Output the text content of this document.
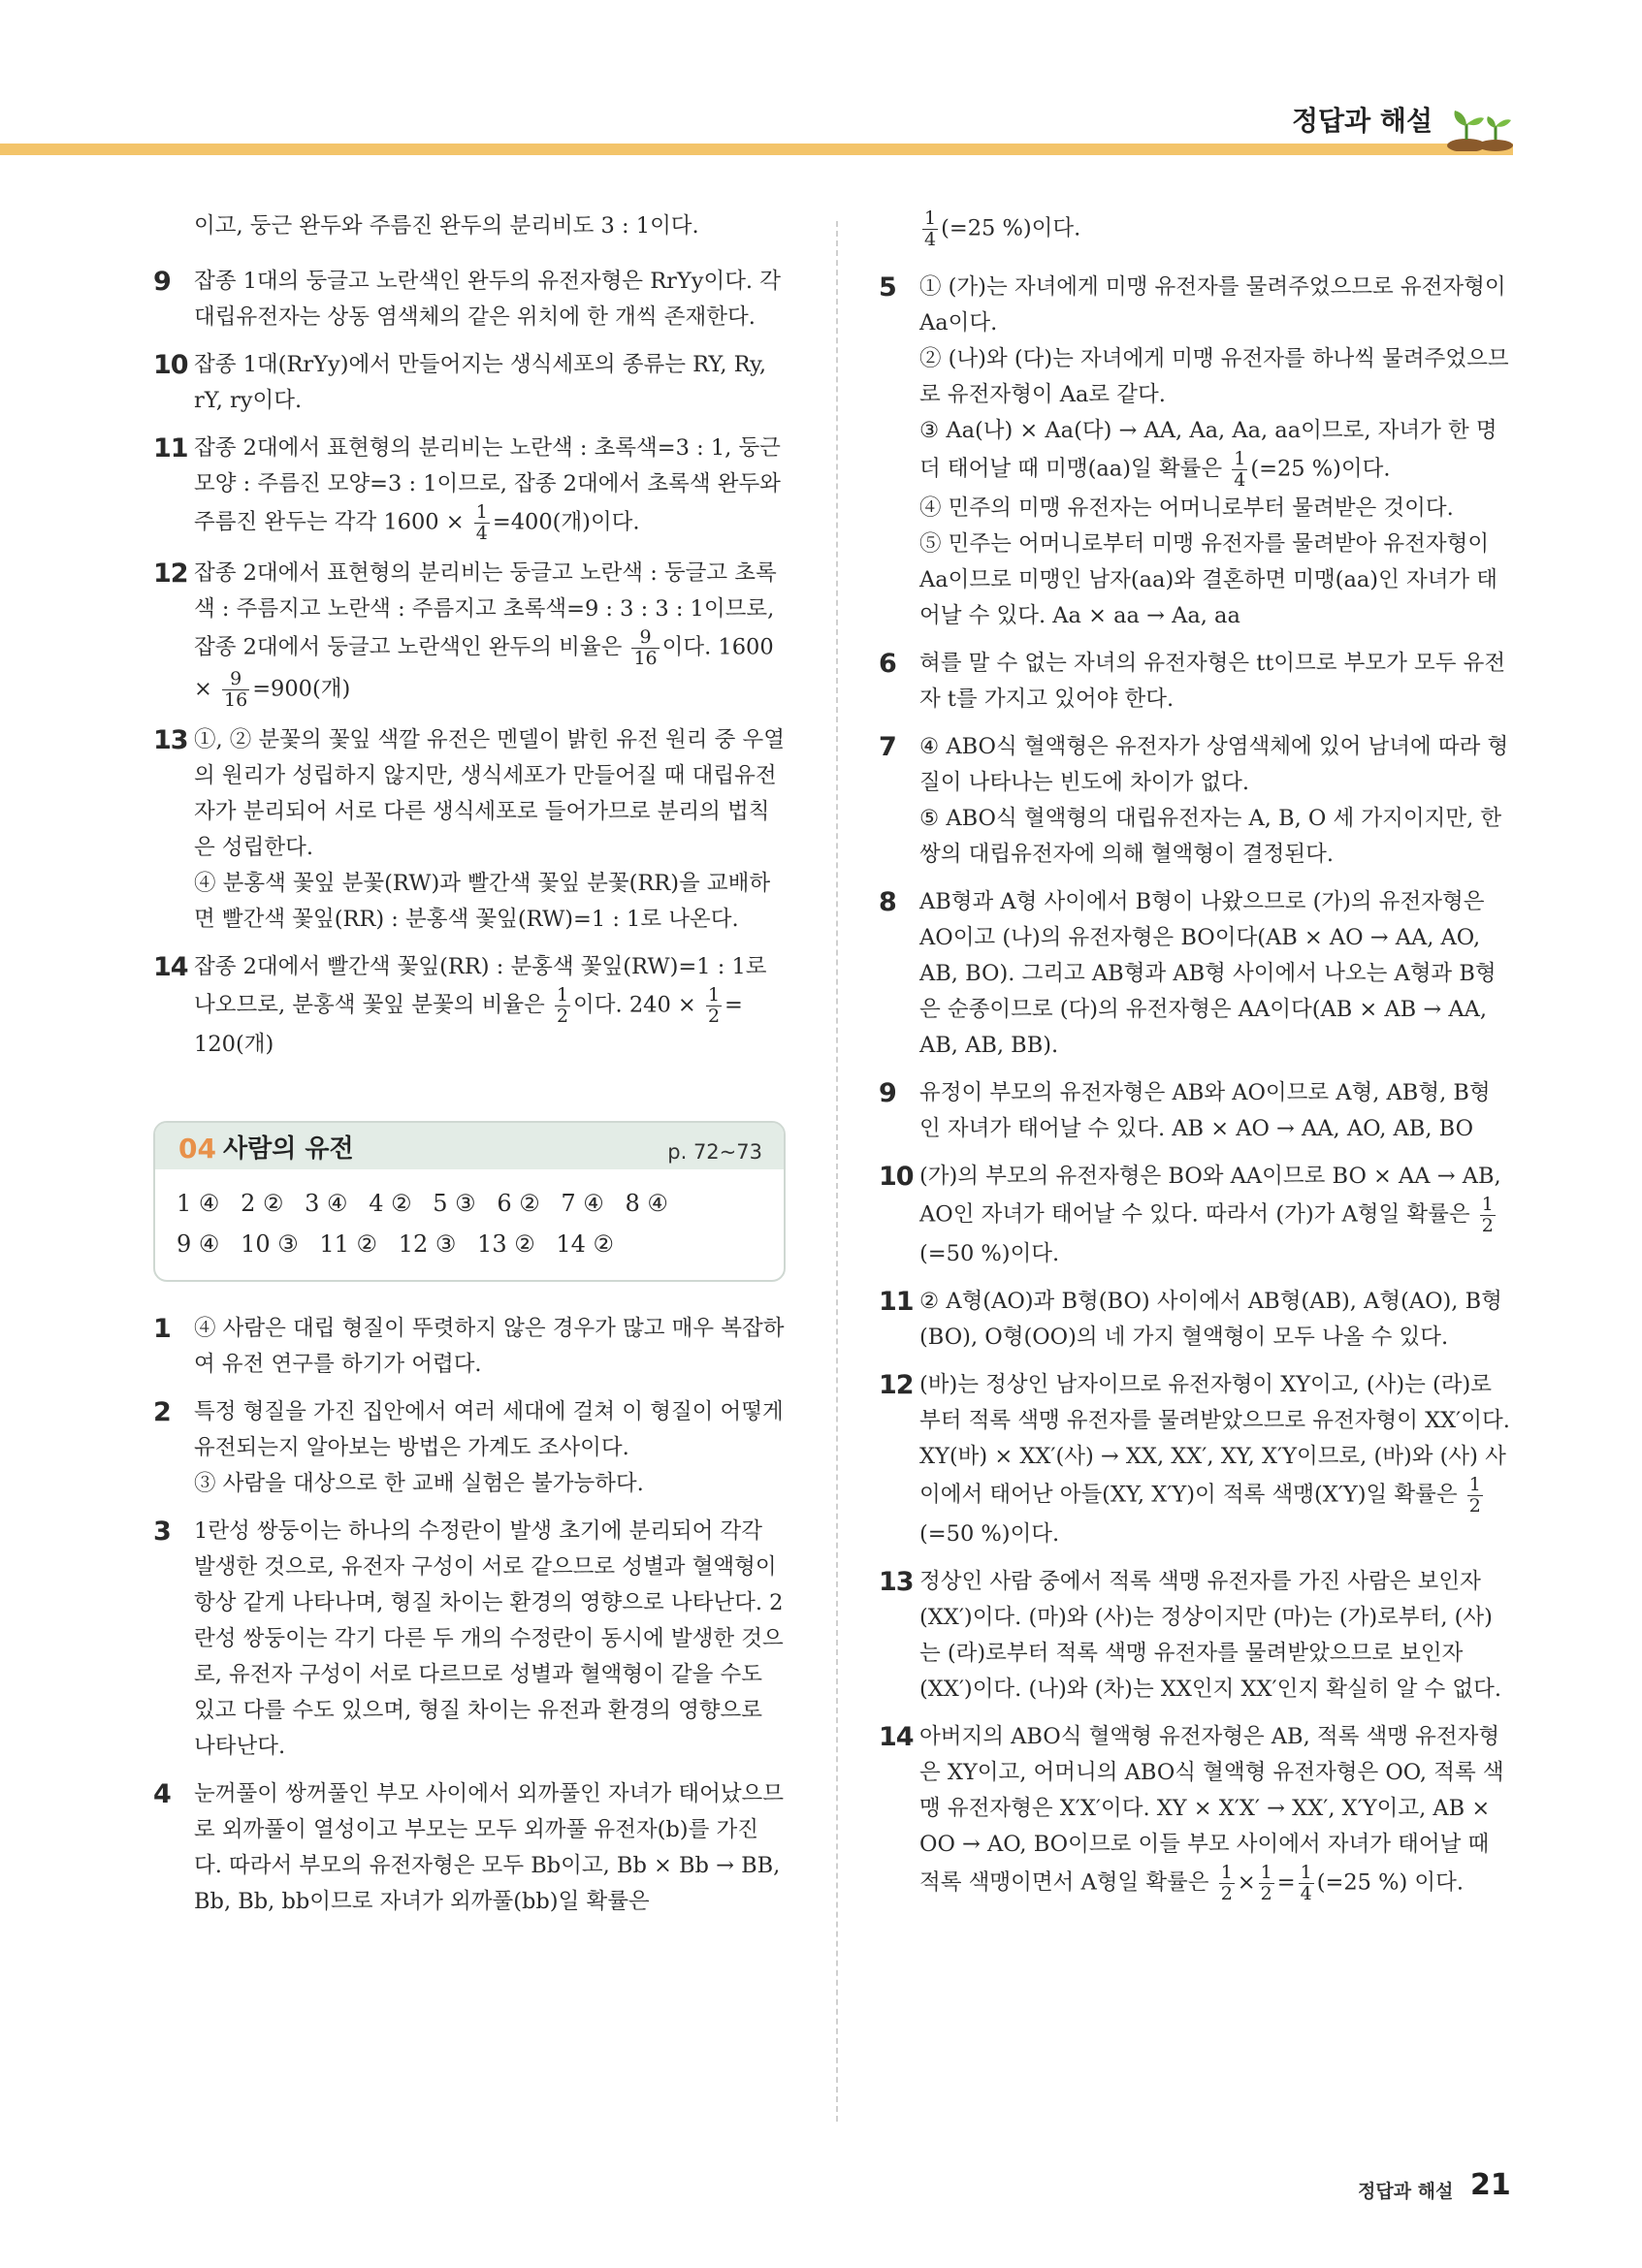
정답과 해설

이고, 둥근 완두와 주름진 완두의 분리비도 3 : 1이다.

9	잡종 1대의 둥글고 노란색인 완두의 유전자형은 RrYy이다. 각 대립유전자는 상동 염색체의 같은 위치에 한 개씩 존재한다.

10 잡종 1대(RrYy)에서 만들어지는 생식세포의 종류는 RY, Ry, rY, ry이다.

11 잡종 2대에서 표현형의 분리비는 노란색 : 초록색=3 : 1, 둥근 모양 : 주름진 모양=3 : 1이므로, 잡종 2대에서 초록색 완두와 주름진 완두는 각각 $1600 \times \frac{1}{4} =400$(개)이다.

12 잡종 2대에서 표현형의 분리비는 둥글고 노란색 : 둥글고 초록색 : 주름지고 노란색 : 주름지고 초록색=9 : 3 : 3 : 1이므로, 잡종 2대에서 둥글고 노란색인 완두의 비율은 $\frac{9}{16}$ 이다. $1600 \times \frac{9}{16} =900$(개)

13 ①, ② 분꽃의 꽃잎 색깔 유전은 멘델이 밝힌 유전 원리 중 우열의 원리가 성립하지 않지만, 생식세포가 만들어질 때 대립유전자가 분리되어 서로 다른 생식세포로 들어가므로 분리의 법칙은 성립한다.

④ 분홍색 꽃잎 분꽃(RW)과 빨간색 꽃잎 분꽃(RR)을 교배하면 빨간색 꽃잎(RR) : 분홍색 꽃잎(RW)=1 : 1로 나온다.

14 잡종 2대에서 빨간색 꽃잎(RR) : 분홍색 꽃잎(RW)=1 : 1로 나오므로, 분홍색 꽃잎 분꽃의 비율은 $\frac{1}{2}$ 이다. $240 \times \frac{1}{2} = 120$(개)

04 사람의 유전	p. 72~73
1 ④ 2 ② 3 ④ 4 ② 5 ③ 6 ② 7 ④ 8 ④
9 ④ 10 ③ 11 ② 12 ③ 13 ② 14 ②
1	④ 사람은 대립 형질이 뚜렷하지 않은 경우가 많고 매우 복잡하여 유전 연구를 하기가 어렵다.

2	특정 형질을 가진 집안에서 여러 세대에 걸쳐 이 형질이 어떻게 유전되는지 알아보는 방법은 가계도 조사이다.

③ 사람을 대상으로 한 교배 실험은 불가능하다.

3	1란성 쌍둥이는 하나의 수정란이 발생 초기에 분리되어 각각 발생한 것으로, 유전자 구성이 서로 같으므로 성별과 혈액형이 항상 같게 나타나며, 형질 차이는 환경의 영향으로 나타난다. 2란성 쌍둥이는 각기 다른 두 개의 수정란이 동시에 발생한 것으로, 유전자 구성이 서로 다르므로 성별과 혈액형이 같을 수도 있고 다를 수도 있으며, 형질 차이는 유전과 환경의 영향으로 나타난다.

4	눈꺼풀이 쌍꺼풀인 부모 사이에서 외까풀인 자녀가 태어났으므로 외까풀이 열성이고 부모는 모두 외까풀 유전자(b)를 가진다. 따라서 부모의 유전자형은 모두 Bb이고, Bb × Bb → BB, Bb, Bb, bb이므로 자녀가 외까풀(bb)일 확률은

$\frac{1}{4} (=25$ %)이다.

5	① (가)는 자녀에게 미맹 유전자를 물려주었으므로 유전자형이 Aa이다.

② (나)와 (다)는 자녀에게 미맹 유전자를 하나씩 물려주었으므로 유전자형이 Aa로 같다.

③ Aa(나) × Aa(다) → AA, Aa, Aa, aa이므로, 자녀가 한 명 더 태어날 때 미맹(aa)일 확률은 $\frac{1}{4} (=25$ %)이다.

④ 민주의 미맹 유전자는 어머니로부터 물려받은 것이다.

⑤ 민주는 어머니로부터 미맹 유전자를 물려받아 유전자형이 Aa이므로 미맹인 남자(aa)와 결혼하면 미맹(aa)인 자녀가 태어날 수 있다. Aa × aa → Aa, aa

6	혀를 말 수 없는 자녀의 유전자형은 tt이므로 부모가 모두 유전자 t를 가지고 있어야 한다.

7	④ ABO식 혈액형은 유전자가 상염색체에 있어 남녀에 따라 형질이 나타나는 빈도에 차이가 없다.

⑤ ABO식 혈액형의 대립유전자는 A, B, O 세 가지이지만, 한 쌍의 대립유전자에 의해 혈액형이 결정된다.

8	AB형과 A형 사이에서 B형이 나왔으므로 (가)의 유전자형은 AO이고 (나)의 유전자형은 BO이다(AB × AO → AA, AO, AB, BO). 그리고 AB형과 AB형 사이에서 나오는 A형과 B형은 순종이므로 (다)의 유전자형은 AA이다(AB × AB → AA, AB, AB, BB).

9	유정이 부모의 유전자형은 AB와 AO이므로 A형, AB형, B형인 자녀가 태어날 수 있다. AB × AO → AA, AO, AB, BO

10 (가)의 부모의 유전자형은 BO와 AA이므로 BO × AA → AB, AO인 자녀가 태어날 수 있다. 따라서 (가)가 A형일 확률은 $\frac{1}{2}$
(=50 %)이다.

11 ② A형(AO)과 B형(BO) 사이에서 AB형(AB), A형(AO), B형(BO), O형(OO)의 네 가지 혈액형이 모두 나올 수 있다.

12 (바)는 정상인 남자이므로 유전자형이 XY이고, (사)는 (라)로부터 적록 색맹 유전자를 물려받았으므로 유전자형이 XX′이다. XY(바) × XX′(사) → XX, XX′, XY, X′Y이므로, (바)와 (사) 사이에서 태어난 아들(XY, X′Y)이 적록 색맹(X′Y)일 확률은 $\frac{1}{2}$
(=50 %)이다.

13 정상인 사람 중에서 적록 색맹 유전자를 가진 사람은 보인자(XX′)이다. (마)와 (사)는 정상이지만 (마)는 (가)로부터, (사)는 (라)로부터 적록 색맹 유전자를 물려받았으므로 보인자(XX′)이다. (나)와 (차)는 XX인지 XX′인지 확실히 알 수 없다.

14 아버지의 ABO식 혈액형 유전자형은 AB, 적록 색맹 유전자형은 XY이고, 어머니의 ABO식 혈액형 유전자형은 OO, 적록 색맹 유전자형은 X′X′이다. XY × X′X′ → XX′, X′Y이고, AB × OO → AO, BO이므로 이들 부모 사이에서 자녀가 태어날 때 적록 색맹이면서 A형일 확률은 $\frac{1}{2} \times \frac{1}{2} = \frac{1}{4} (=25$ %) 이다.

정답과 해설 21
